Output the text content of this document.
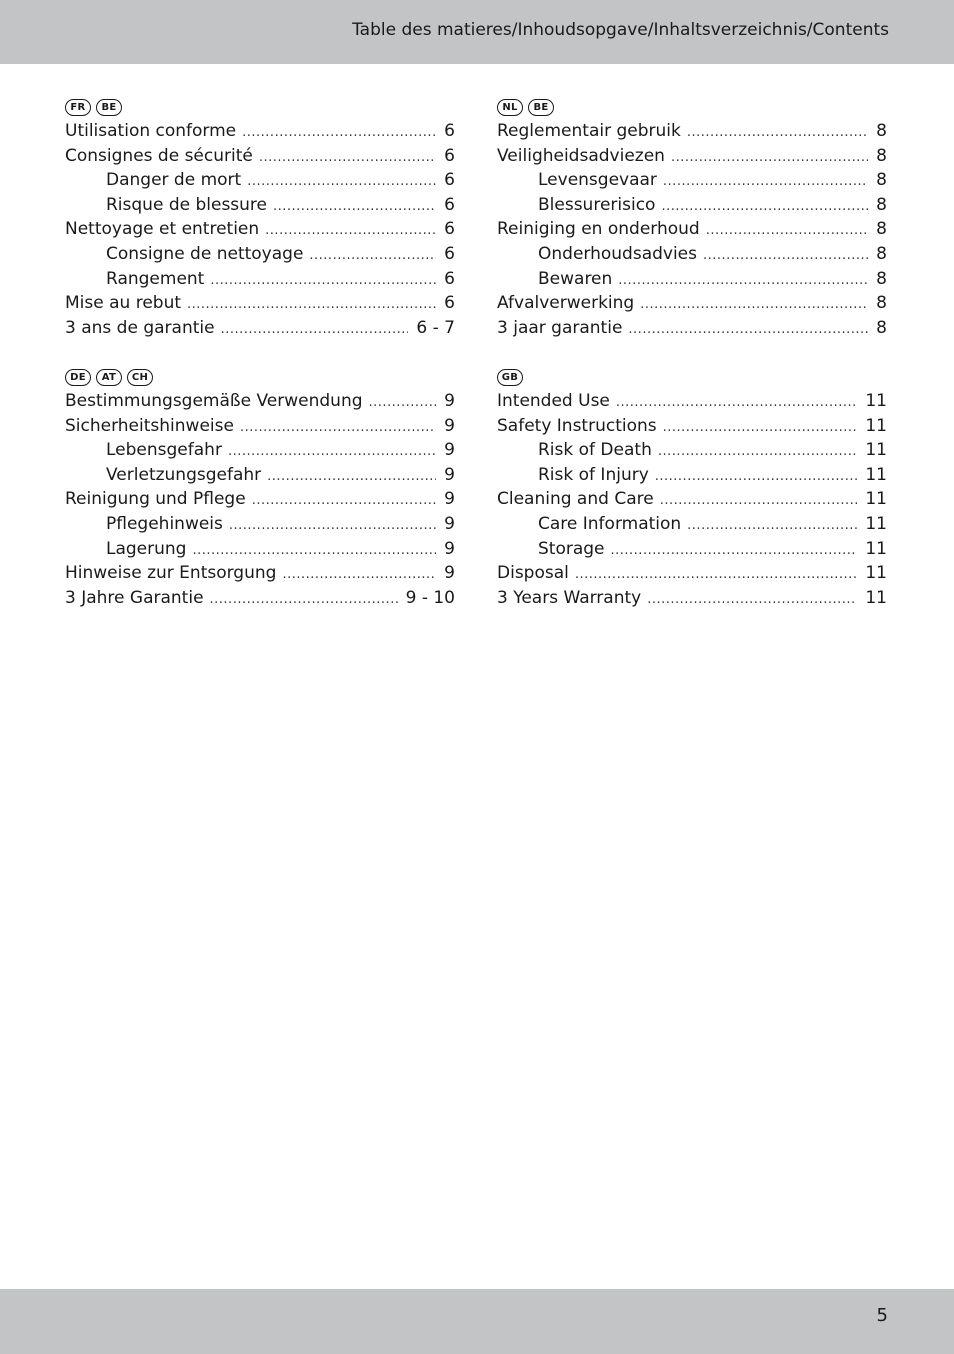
Table des matieres/Inhoudsopgave/Inhaltsverzeichnis/Contents
FR	BE
Utilisation conforme .....	6
Consignes de sécurité .....	6
Danger de mort .....	6
Risque de blessure .....	6
Nettoyage et entretien .....	6
Consigne de nettoyage .....	6
Rangement .....	6
Mise au rebut .....	6
3 ans de garantie .....	6 - 7
NL	BE
Reglementair gebruik .....	8
Veiligheidsadviezen .....	8
Levensgevaar .....	8
Blessurerisico .....	8
Reiniging en onderhoud .....	8
Onderhoudsadvies .....	8
Bewaren .....	8
Afvalverwerking .....	8
3 jaar garantie .....	8
DE	AT	CH
Bestimmungsgemäße Verwendung .....	9
Sicherheitshinweise .....	9
Lebensgefahr .....	9
Verletzungsgefahr .....	9
Reinigung und Pflege .....	9
Pflegehinweis .....	9
Lagerung .....	9
Hinweise zur Entsorgung .....	9
3 Jahre Garantie .....	9 - 10
GB
Intended Use .....	11
Safety Instructions .....	11
Risk of Death .....	11
Risk of Injury .....	11
Cleaning and Care .....	11
Care Information .....	11
Storage .....	11
Disposal .....	11
3 Years Warranty .....	11
5
